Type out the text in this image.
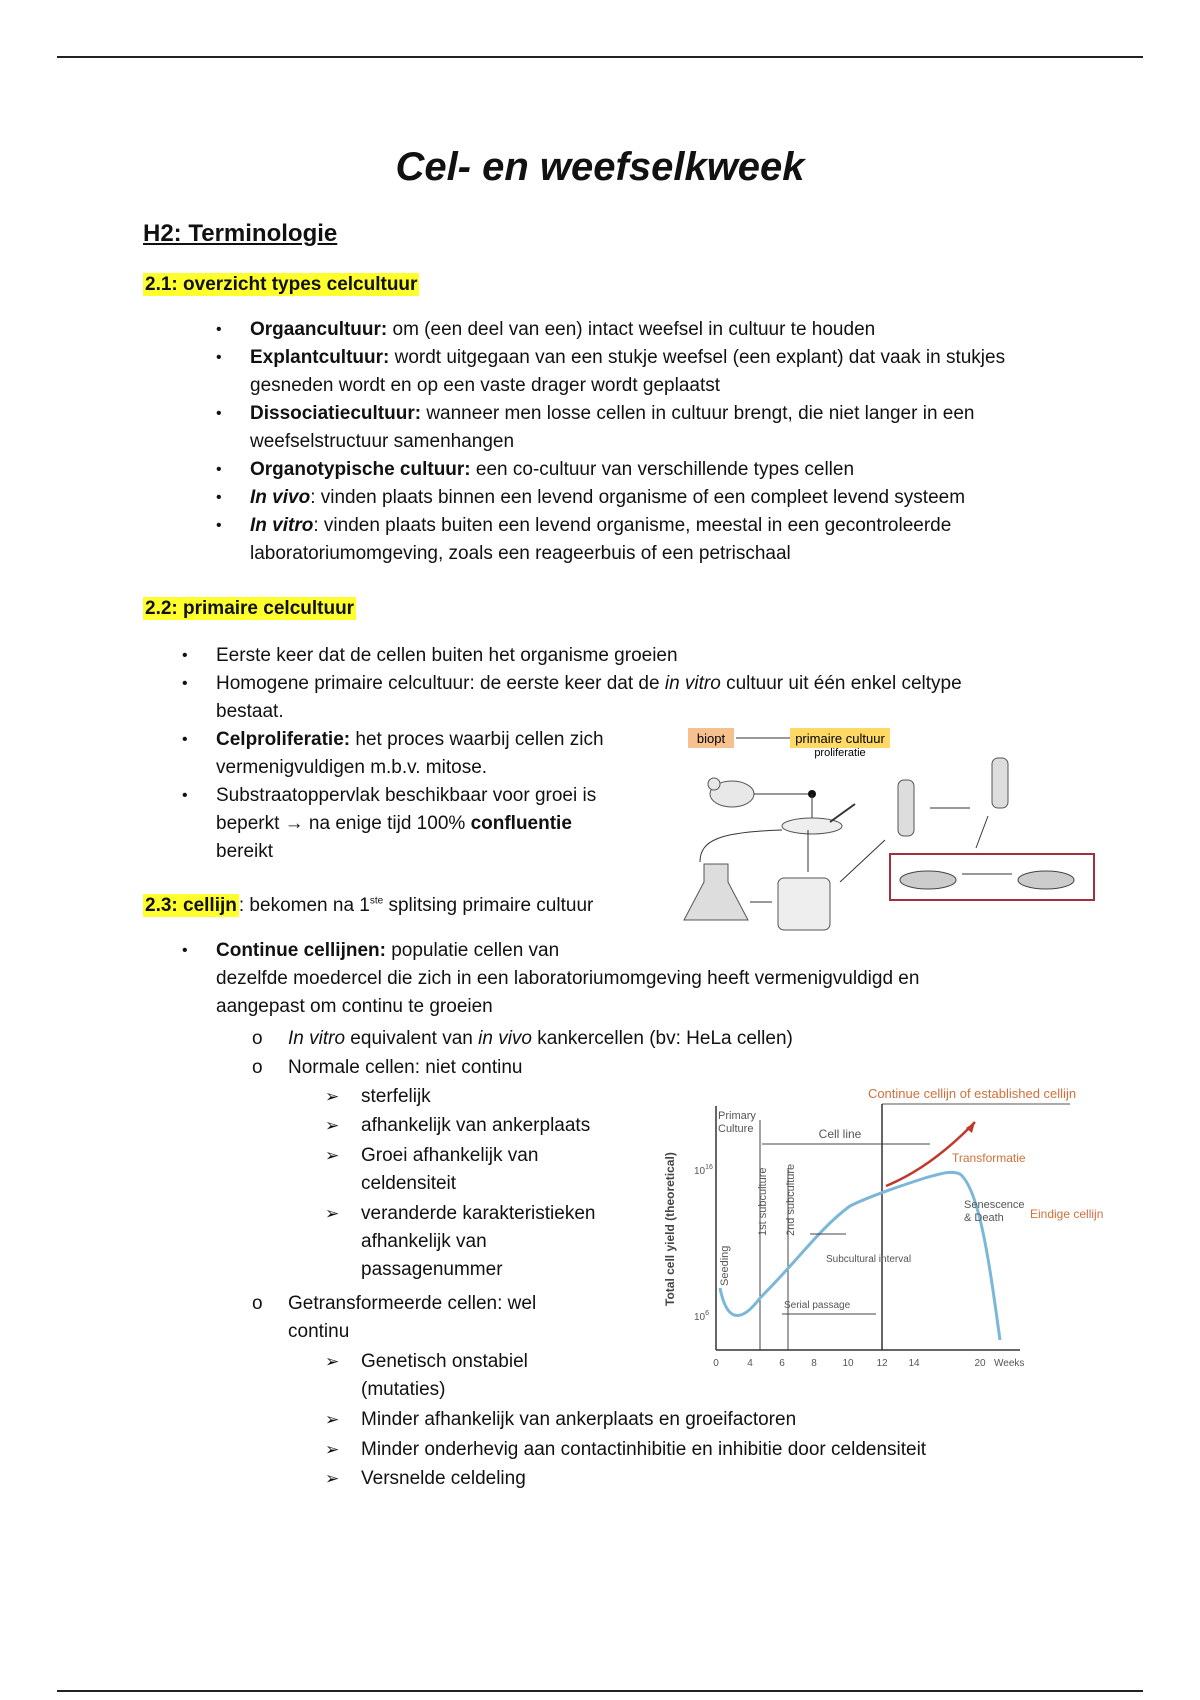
Cel- en weefselkweek
H2: Terminologie
2.1: overzicht types celcultuur
• Orgaancultuur: om (een deel van een) intact weefsel in cultuur te houden
• Explantcultuur: wordt uitgegaan van een stukje weefsel (een explant) dat vaak in stukjes
gesneden wordt en op een vaste drager wordt geplaatst
• Dissociatiecultuur: wanneer men losse cellen in cultuur brengt, die niet langer in een
weefselstructuur samenhangen
• Organotypische cultuur: een co-cultuur van verschillende types cellen
• In vivo: vinden plaats binnen een levend organisme of een compleet levend systeem
• In vitro: vinden plaats buiten een levend organisme, meestal in een gecontroleerde
laboratoriumomgeving, zoals een reageerbuis of een petrischaal
2.2: primaire celcultuur
• Eerste keer dat de cellen buiten het organisme groeien
• Homogene primaire celcultuur: de eerste keer dat de in vitro cultuur uit één enkel celtype
bestaat.
• Celproliferatie: het proces waarbij cellen zich
vermenigvuldigen m.b.v. mitose.
• Substraatoppervlak beschikbaar voor groei is
beperkt → na enige tijd 100% confluentie
bereikt
biopt	primaire cultuur
proliferatie
2.3: cellijn : bekomen na 1ste splitsing primaire cultuur
• Continue cellijnen: populatie cellen van
dezelfde moedercel die zich in een laboratoriumomgeving heeft vermenigvuldigd en
aangepast om continu te groeien
o In vitro equivalent van in vivo kankercellen (bv: HeLa cellen)
o Normale cellen: niet continu
➢ sterfelijk
➢ afhankelijk van ankerplaats
➢ Groei afhankelijk van
celdensiteit
➢ veranderde karakteristieken
afhankelijk van
passagenummer
o Getransformeerde cellen: wel
continu
➢ Genetisch onstabiel
(mutaties)
➢ Minder afhankelijk van ankerplaats en groeifactoren
➢ Minder onderhevig aan contactinhibitie en inhibitie door celdensiteit
➢ Versnelde celdeling
Continue cellijn of established cellijn
Primary
Culture	Cell line
Total cell yield (theoretical) $10^{16}$
$10^6$
Seeding
1st subculture 2nd subculture
Transformatie
Senescence
& Death Eindige cellijn
Subcultural interval
Serial passage
0	4	6	8	10 12 14	20 Weeks
